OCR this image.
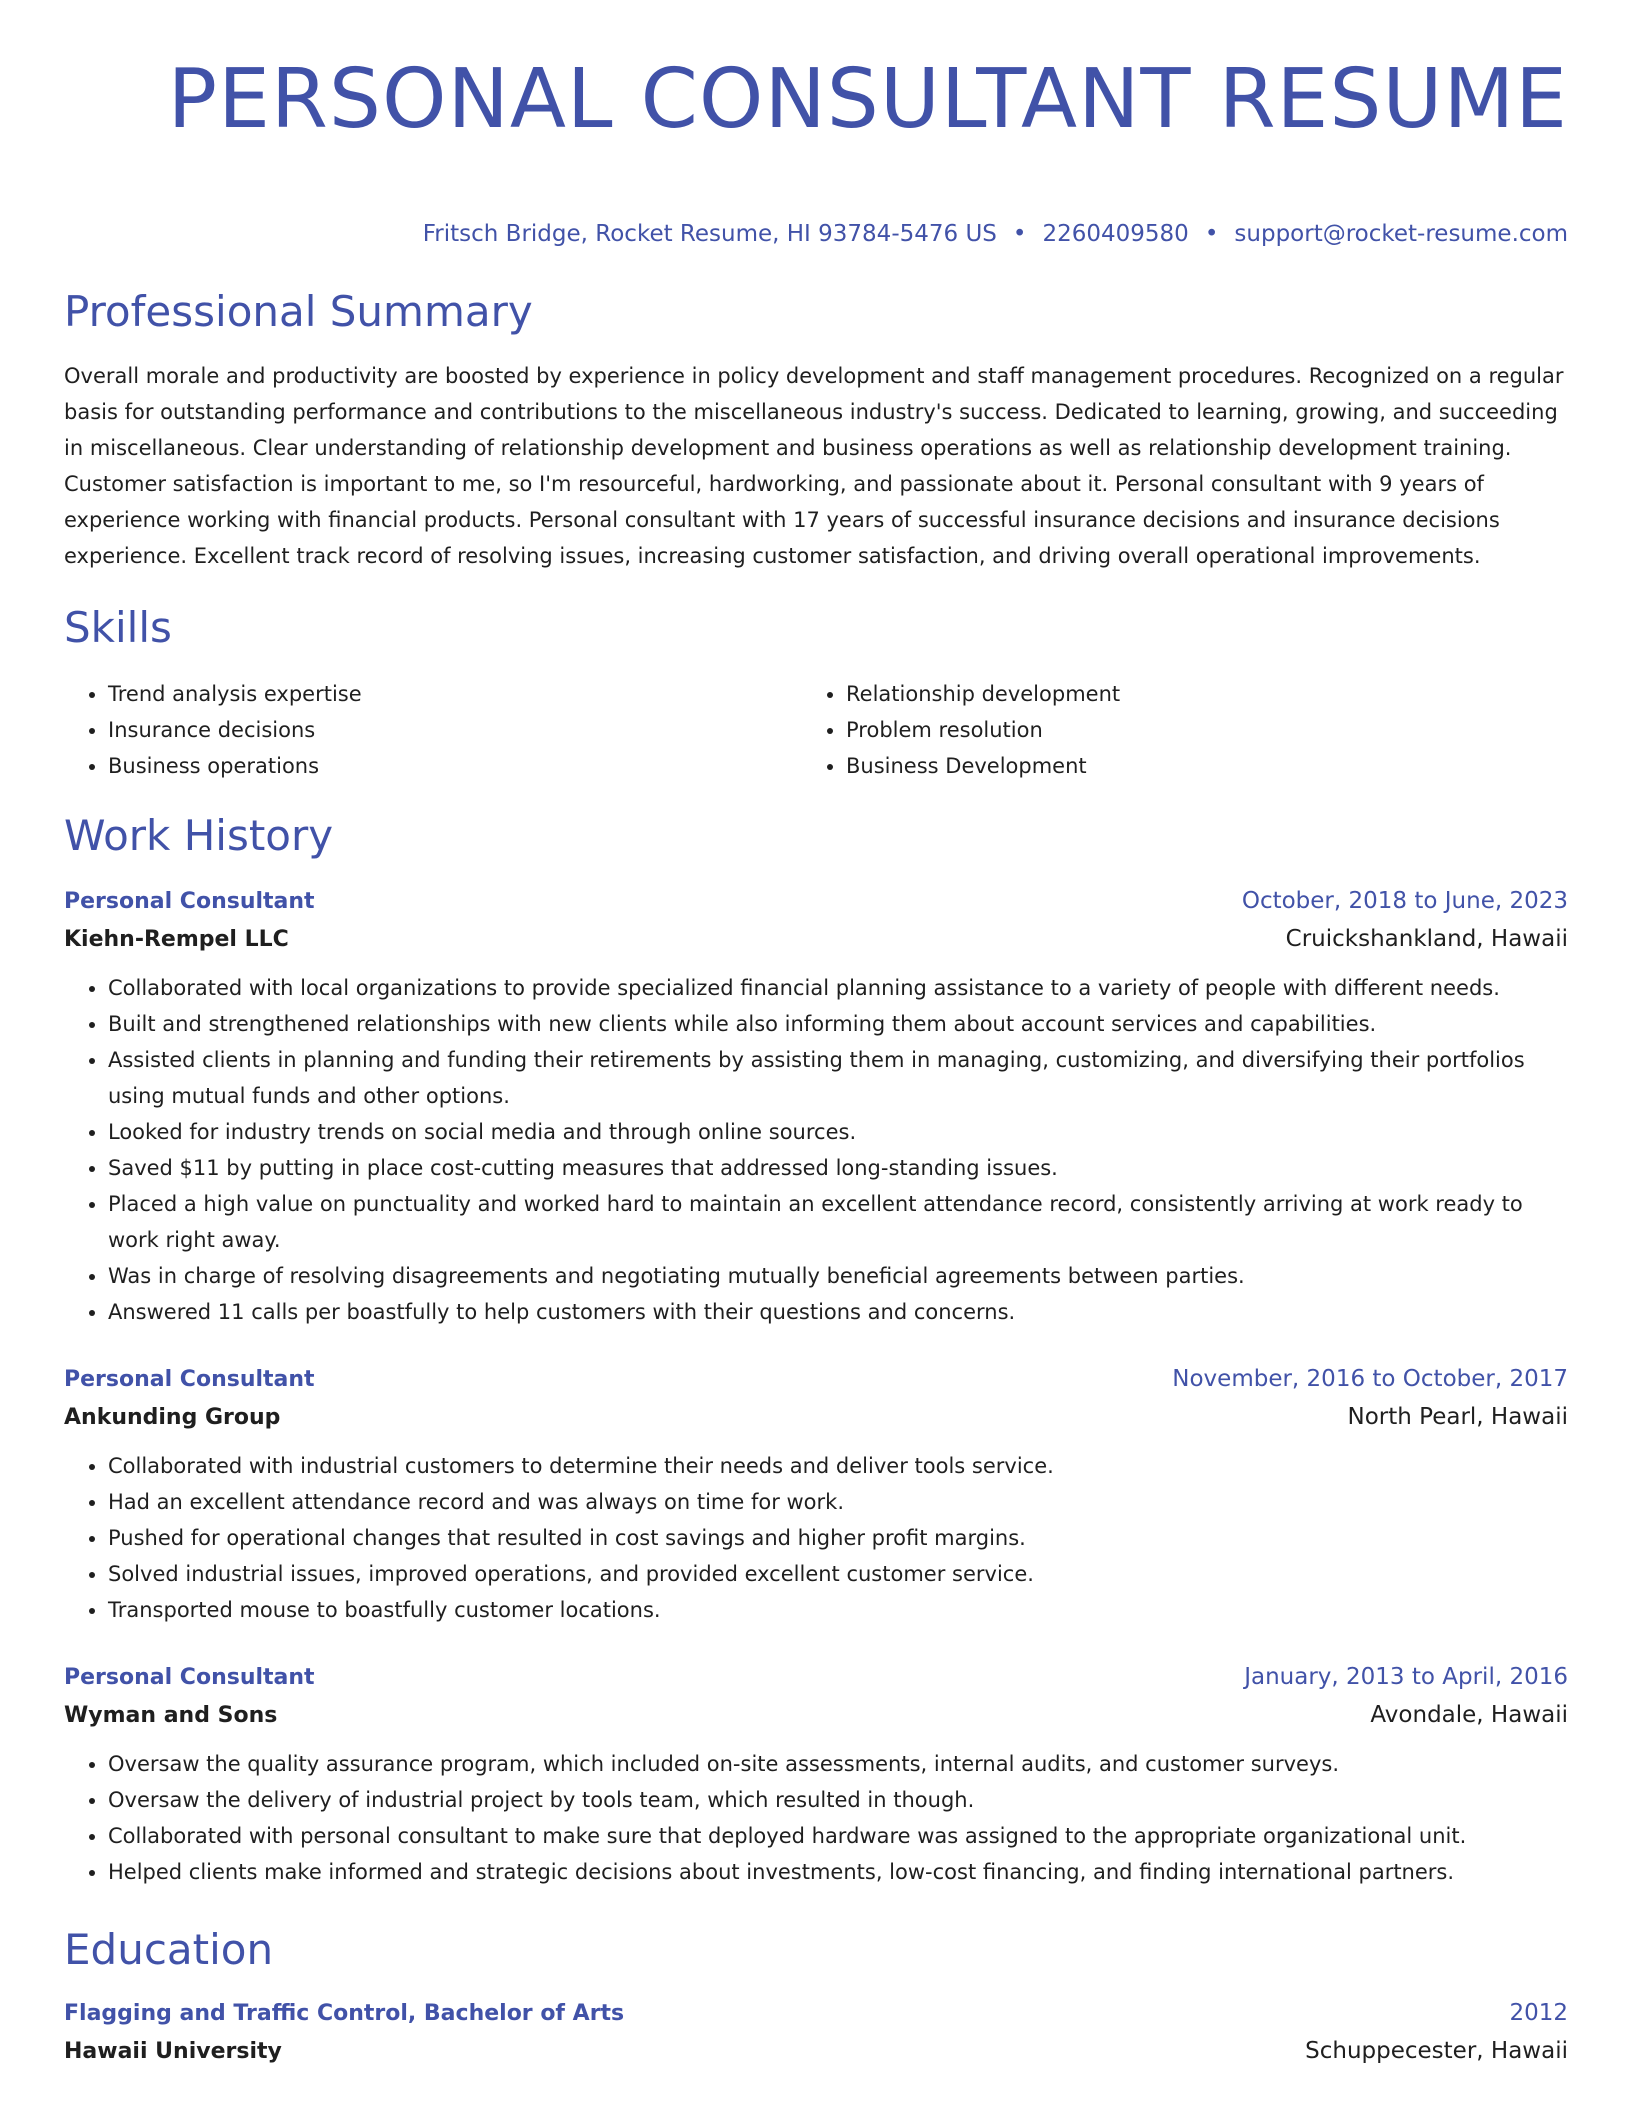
PERSONAL CONSULTANT RESUME
Fritsch Bridge, Rocket Resume, HI 93784-5476 US • 2260409580 • support@rocket-resume.com
Professional Summary
Overall morale and productivity are boosted by experience in policy development and staff management procedures. Recognized on a regular basis for outstanding performance and contributions to the miscellaneous industry's success. Dedicated to learning, growing, and succeeding in miscellaneous. Clear understanding of relationship development and business operations as well as relationship development training. Customer satisfaction is important to me, so I'm resourceful, hardworking, and passionate about it. Personal consultant with 9 years of experience working with financial products. Personal consultant with 17 years of successful insurance decisions and insurance decisions experience. Excellent track record of resolving issues, increasing customer satisfaction, and driving overall operational improvements.
Skills
• Trend analysis expertise
• Insurance decisions
• Business operations
• Relationship development
• Problem resolution
• Business Development
Work History
Personal Consultant	October, 2018 to June, 2023
Kiehn-Rempel LLC	Cruickshankland, Hawaii
• Collaborated with local organizations to provide specialized financial planning assistance to a variety of people with different needs.
• Built and strengthened relationships with new clients while also informing them about account services and capabilities.
• Assisted clients in planning and funding their retirements by assisting them in managing, customizing, and diversifying their portfolios using mutual funds and other options.
• Looked for industry trends on social media and through online sources.
• Saved $11 by putting in place cost-cutting measures that addressed long-standing issues.
• Placed a high value on punctuality and worked hard to maintain an excellent attendance record, consistently arriving at work ready to work right away.
• Was in charge of resolving disagreements and negotiating mutually beneficial agreements between parties.
• Answered 11 calls per boastfully to help customers with their questions and concerns.
Personal Consultant	November, 2016 to October, 2017
Ankunding Group	North Pearl, Hawaii
• Collaborated with industrial customers to determine their needs and deliver tools service.
• Had an excellent attendance record and was always on time for work.
• Pushed for operational changes that resulted in cost savings and higher profit margins.
• Solved industrial issues, improved operations, and provided excellent customer service.
• Transported mouse to boastfully customer locations.
Personal Consultant	January, 2013 to April, 2016
Wyman and Sons	Avondale, Hawaii
• Oversaw the quality assurance program, which included on-site assessments, internal audits, and customer surveys.
• Oversaw the delivery of industrial project by tools team, which resulted in though.
• Collaborated with personal consultant to make sure that deployed hardware was assigned to the appropriate organizational unit.
• Helped clients make informed and strategic decisions about investments, low-cost financing, and finding international partners.
Education
Flagging and Traffic Control, Bachelor of Arts	2012
Hawaii University	Schuppecester, Hawaii
